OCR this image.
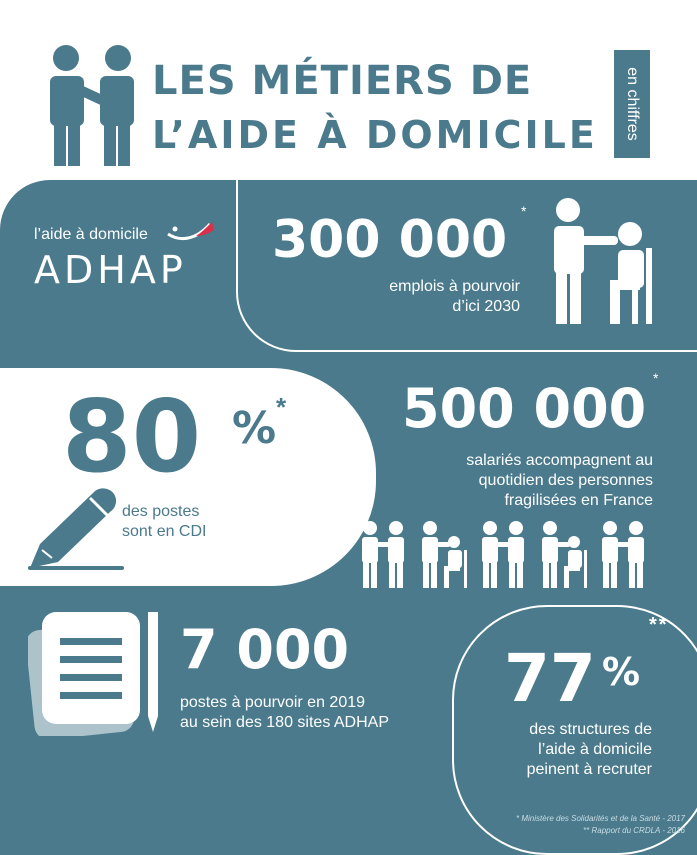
LES MÉTIERS DE
L’AIDE À DOMICILE en chiffres
l’aide à domicile
ADHAP 300 000 *
emplois à pourvoir
d’ici 2030
80 % *
des postes
sont en CDI
500 000 *
salariés accompagnent au
quotidien des personnes
fragilisées en France
7 000
postes à pourvoir en 2019
au sein des 180 sites ADHAP
77 %
**
des structures de
l’aide à domicile
peinent à recruter
* Ministère des Solidarités et de la Santé - 2017
** Rapport du CRDLA - 2016
